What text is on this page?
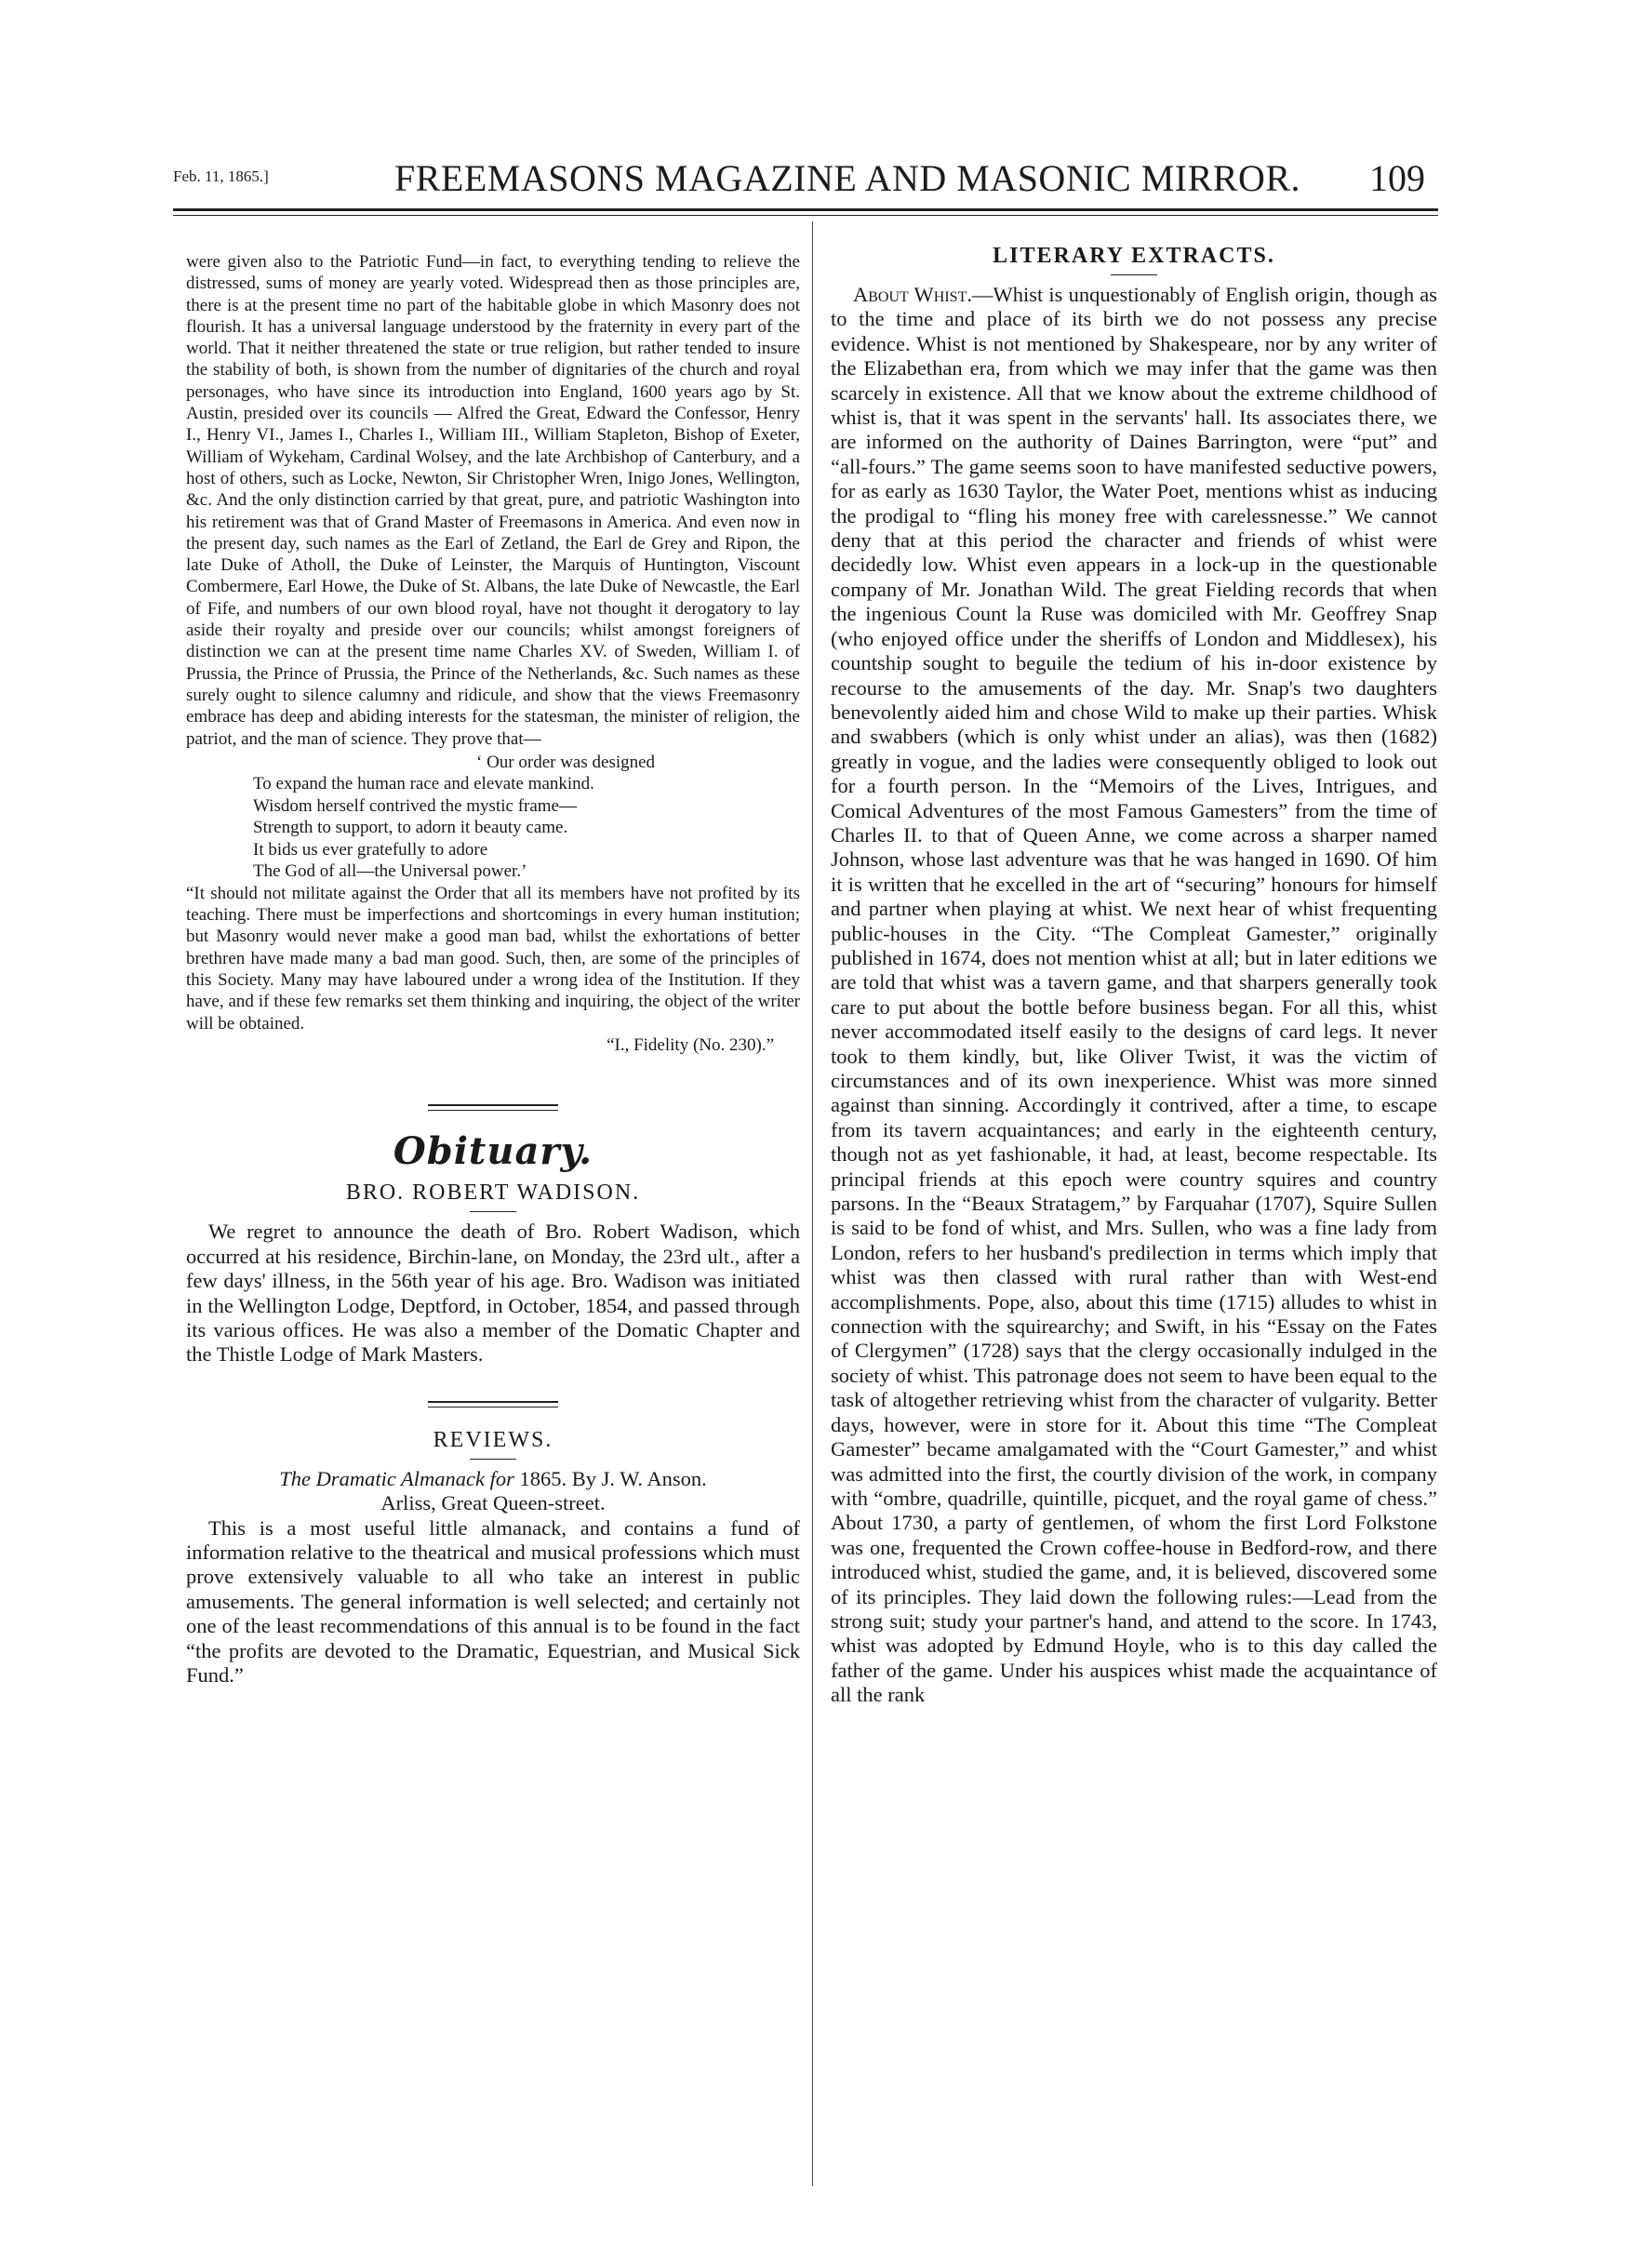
Feb. 11, 1865.]	FREEMASONS MAGAZINE AND MASONIC MIRROR.	109

were given also to the Patriotic Fund—in fact, to everything tending to relieve the distressed, sums of money are yearly voted. Widespread then as those principles are, there is at the present time no part of the habitable globe in which Masonry does not flourish. It has a universal language understood by the fraternity in every part of the world. That it neither threatened the state or true religion, but rather tended to insure the stability of both, is shown from the number of dignitaries of the church and royal personages, who have since its introduction into England, 1600 years ago by St. Austin, presided over its councils — Alfred the Great, Edward the Confessor, Henry I., Henry VI., James I., Charles I., William III., William Stapleton, Bishop of Exeter, William of Wykeham, Cardinal Wolsey, and the late Archbishop of Canterbury, and a host of others, such as Locke, Newton, Sir Christopher Wren, Inigo Jones, Wellington, &c. And the only distinction carried by that great, pure, and patriotic Washington into his retirement was that of Grand Master of Freemasons in America. And even now in the present day, such names as the Earl of Zetland, the Earl de Grey and Ripon, the late Duke of Atholl, the Duke of Leinster, the Marquis of Huntington, Viscount Combermere, Earl Howe, the Duke of St. Albans, the late Duke of Newcastle, the Earl of Fife, and numbers of our own blood royal, have not thought it derogatory to lay aside their royalty and preside over our councils; whilst amongst foreigners of distinction we can at the present time name Charles XV. of Sweden, William I. of Prussia, the Prince of Prussia, the Prince of the Netherlands, &c. Such names as these surely ought to silence calumny and ridicule, and show that the views Freemasonry embrace has deep and abiding interests for the statesman, the minister of religion, the patriot, and the man of science. They prove that—

‘ Our order was designed
To expand the human race and elevate mankind.
Wisdom herself contrived the mystic frame—
Strength to support, to adorn it beauty came.
It bids us ever gratefully to adore
The God of all—the Universal power.’

“It should not militate against the Order that all its members have not profited by its teaching. There must be imperfections and shortcomings in every human institution; but Masonry would never make a good man bad, whilst the exhortations of better brethren have made many a bad man good. Such, then, are some of the principles of this Society. Many may have laboured under a wrong idea of the Institution. If they have, and if these few remarks set them thinking and inquiring, the object of the writer will be obtained.

“I., Fidelity (No. 230).”
Obituary.
BRO. ROBERT WADISON.

We regret to announce the death of Bro. Robert Wadison, which occurred at his residence, Birchin-lane, on Monday, the 23rd ult., after a few days' illness, in the 56th year of his age. Bro. Wadison was initiated in the Wellington Lodge, Deptford, in October, 1854, and passed through its various offices. He was also a member of the Domatic Chapter and the Thistle Lodge of Mark Masters.

REVIEWS.

The Dramatic Almanack for 1865. By J. W. Anson.

Arliss, Great Queen-street.

This is a most useful little almanack, and contains a fund of information relative to the theatrical and musical professions which must prove extensively valuable to all who take an interest in public amusements. The general information is well selected; and certainly not one of the least recommendations of this annual is to be found in the fact “the profits are devoted to the Dramatic, Equestrian, and Musical Sick Fund.”

LITERARY EXTRACTS.

About Whist.—Whist is unquestionably of English origin, though as to the time and place of its birth we do not possess any precise evidence. Whist is not mentioned by Shakespeare, nor by any writer of the Elizabethan era, from which we may infer that the game was then scarcely in existence. All that we know about the extreme childhood of whist is, that it was spent in the servants' hall. Its associates there, we are informed on the authority of Daines Barrington, were “put” and “all-fours.” The game seems soon to have manifested seductive powers, for as early as 1630 Taylor, the Water Poet, mentions whist as inducing the prodigal to “fling his money free with carelessnesse.” We cannot deny that at this period the character and friends of whist were decidedly low. Whist even appears in a lock-up in the questionable company of Mr. Jonathan Wild. The great Fielding records that when the ingenious Count la Ruse was domiciled with Mr. Geoffrey Snap (who enjoyed office under the sheriffs of London and Middlesex), his countship sought to beguile the tedium of his in-door existence by recourse to the amusements of the day. Mr. Snap's two daughters benevolently aided him and chose Wild to make up their parties. Whisk and swabbers (which is only whist under an alias), was then (1682) greatly in vogue, and the ladies were consequently obliged to look out for a fourth person. In the “Memoirs of the Lives, Intrigues, and Comical Adventures of the most Famous Gamesters” from the time of Charles II. to that of Queen Anne, we come across a sharper named Johnson, whose last adventure was that he was hanged in 1690. Of him it is written that he excelled in the art of “securing” honours for himself and partner when playing at whist. We next hear of whist frequenting public-houses in the City. “The Compleat Gamester,” originally published in 1674, does not mention whist at all; but in later editions we are told that whist was a tavern game, and that sharpers generally took care to put about the bottle before business began. For all this, whist never accommodated itself easily to the designs of card legs. It never took to them kindly, but, like Oliver Twist, it was the victim of circumstances and of its own inexperience. Whist was more sinned against than sinning. Accordingly it contrived, after a time, to escape from its tavern acquaintances; and early in the eighteenth century, though not as yet fashionable, it had, at least, become respectable. Its principal friends at this epoch were country squires and country parsons. In the “Beaux Stratagem,” by Farquahar (1707), Squire Sullen is said to be fond of whist, and Mrs. Sullen, who was a fine lady from London, refers to her husband's predilection in terms which imply that whist was then classed with rural rather than with West-end accomplishments. Pope, also, about this time (1715) alludes to whist in connection with the squirearchy; and Swift, in his “Essay on the Fates of Clergymen” (1728) says that the clergy occasionally indulged in the society of whist. This patronage does not seem to have been equal to the task of altogether retrieving whist from the character of vulgarity. Better days, however, were in store for it. About this time “The Compleat Gamester” became amalgamated with the “Court Gamester,” and whist was admitted into the first, the courtly division of the work, in company with “ombre, quadrille, quintille, picquet, and the royal game of chess.” About 1730, a party of gentlemen, of whom the first Lord Folkstone was one, frequented the Crown coffee-house in Bedford-row, and there introduced whist, studied the game, and, it is believed, discovered some of its principles. They laid down the following rules:—Lead from the strong suit; study your partner's hand, and attend to the score. In 1743, whist was adopted by Edmund Hoyle, who is to this day called the father of the game. Under his auspices whist made the acquaintance of all the rank
